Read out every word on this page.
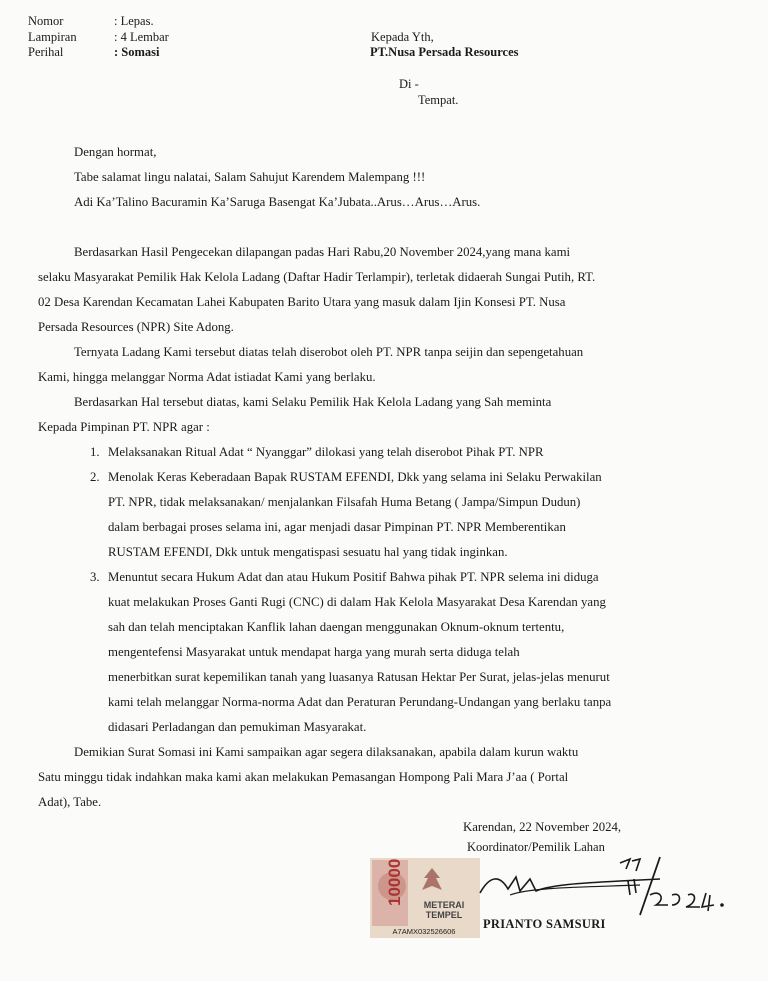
Nomor	: Lepas.
Lampiran	: 4 Lembar
Perihal	: Somasi
Kepada Yth,
PT.Nusa Persada Resources
Di -
Tempat.

Dengan hormat,

Tabe salamat lingu nalatai, Salam Sahujut Karendem Malempang !!!

Adi Ka’Talino Bacuramin Ka’Saruga Basengat Ka’Jubata..Arus…Arus…Arus.

Berdasarkan Hasil Pengecekan dilapangan padas Hari Rabu,20 November 2024,yang mana kami

selaku Masyarakat Pemilik Hak Kelola Ladang (Daftar Hadir Terlampir), terletak didaerah Sungai Putih, RT.

02 Desa Karendan Kecamatan Lahei Kabupaten Barito Utara yang masuk dalam Ijin Konsesi PT. Nusa

Persada Resources (NPR) Site Adong.

Ternyata Ladang Kami tersebut diatas telah diserobot oleh PT. NPR tanpa seijin dan sepengetahuan

Kami, hingga melanggar Norma Adat istiadat Kami yang berlaku.

Berdasarkan Hal tersebut diatas, kami Selaku Pemilik Hak Kelola Ladang yang Sah meminta

Kepada Pimpinan PT. NPR agar :

1. Melaksanakan Ritual Adat “ Nyanggar” dilokasi yang telah diserobot Pihak PT. NPR
2. Menolak Keras Keberadaan Bapak RUSTAM EFENDI, Dkk yang selama ini Selaku Perwakilan
PT. NPR, tidak melaksanakan/ menjalankan Filsafah Huma Betang ( Jampa/Simpun Dudun)
dalam berbagai proses selama ini, agar menjadi dasar Pimpinan PT. NPR Memberentikan
RUSTAM EFENDI, Dkk untuk mengatispasi sesuatu hal yang tidak inginkan.
3. Menuntut secara Hukum Adat dan atau Hukum Positif Bahwa pihak PT. NPR selema ini diduga
kuat melakukan Proses Ganti Rugi (CNC) di dalam Hak Kelola Masyarakat Desa Karendan yang
sah dan telah menciptakan Kanflik lahan daengan menggunakan Oknum-oknum tertentu,
mengentefensi Masyarakat untuk mendapat harga yang murah serta diduga telah
menerbitkan surat kepemilikan tanah yang luasanya Ratusan Hektar Per Surat, jelas-jelas menurut
kami telah melanggar Norma-norma Adat dan Peraturan Perundang-Undangan yang berlaku tanpa
didasari Perladangan dan pemukiman Masyarakat.

Demikian Surat Somasi ini Kami sampaikan agar segera dilaksanakan, apabila dalam kurun waktu

Satu minggu tidak indahkan maka kami akan melakukan Pemasangan Hompong Pali Mara J’aa ( Portal

Adat), Tabe.

Karendan, 22 November 2024,
Koordinator/Pemilik Lahan
10000 METERAI
TEMPEL
A7AMX032526606
PRIANTO SAMSURI
